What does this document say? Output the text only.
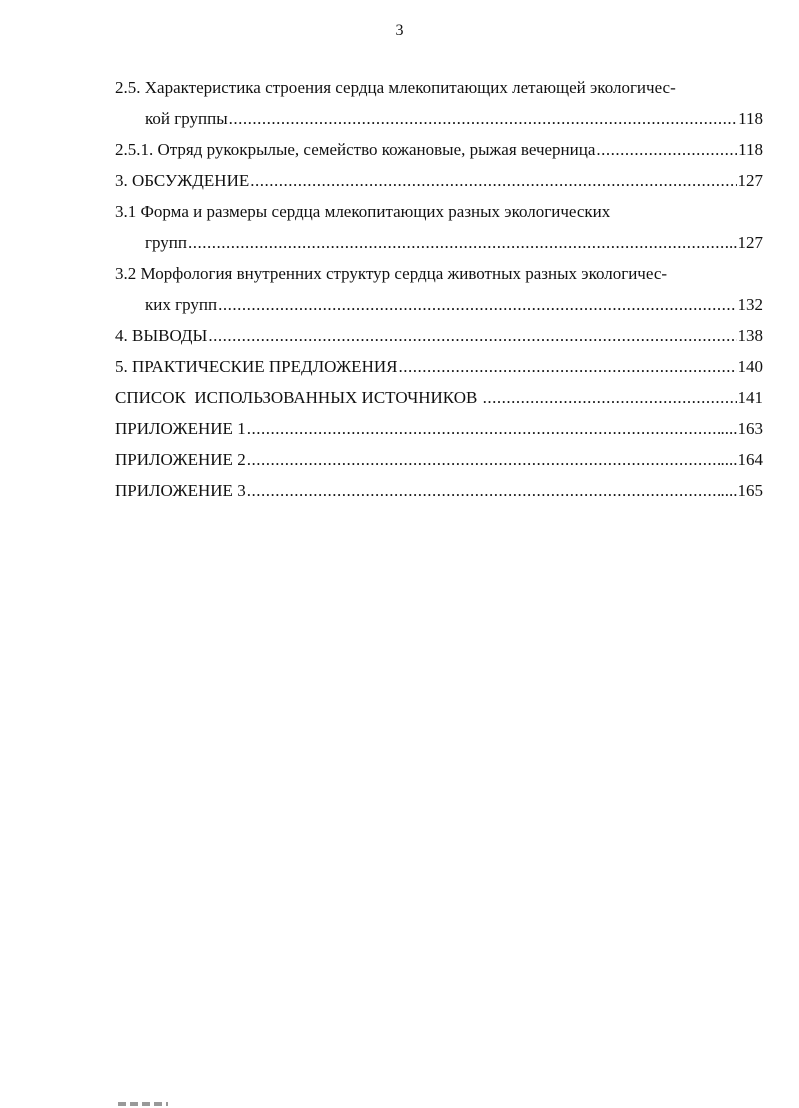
3
2.5. Характеристика строения сердца млекопитающих летающей экологичес-
кой группы .....	118
2.5.1. Отряд рукокрылые, семейство кожановые, рыжая вечерница .....	118
3. ОБСУЖДЕНИЕ .....	127
3.1 Форма и размеры сердца млекопитающих разных экологических
групп .....	...127
3.2 Морфология внутренних структур сердца животных разных экологичес-
ких групп .....	132
4. ВЫВОДЫ .....	138
5. ПРАКТИЧЕСКИЕ ПРЕДЛОЖЕНИЯ .....	140
СПИСОК  ИСПОЛЬЗОВАННЫХ ИСТОЧНИКОВ .....	141
ПРИЛОЖЕНИЕ 1 .....	....163
ПРИЛОЖЕНИЕ 2 .....	....164
ПРИЛОЖЕНИЕ 3 .....	....165
